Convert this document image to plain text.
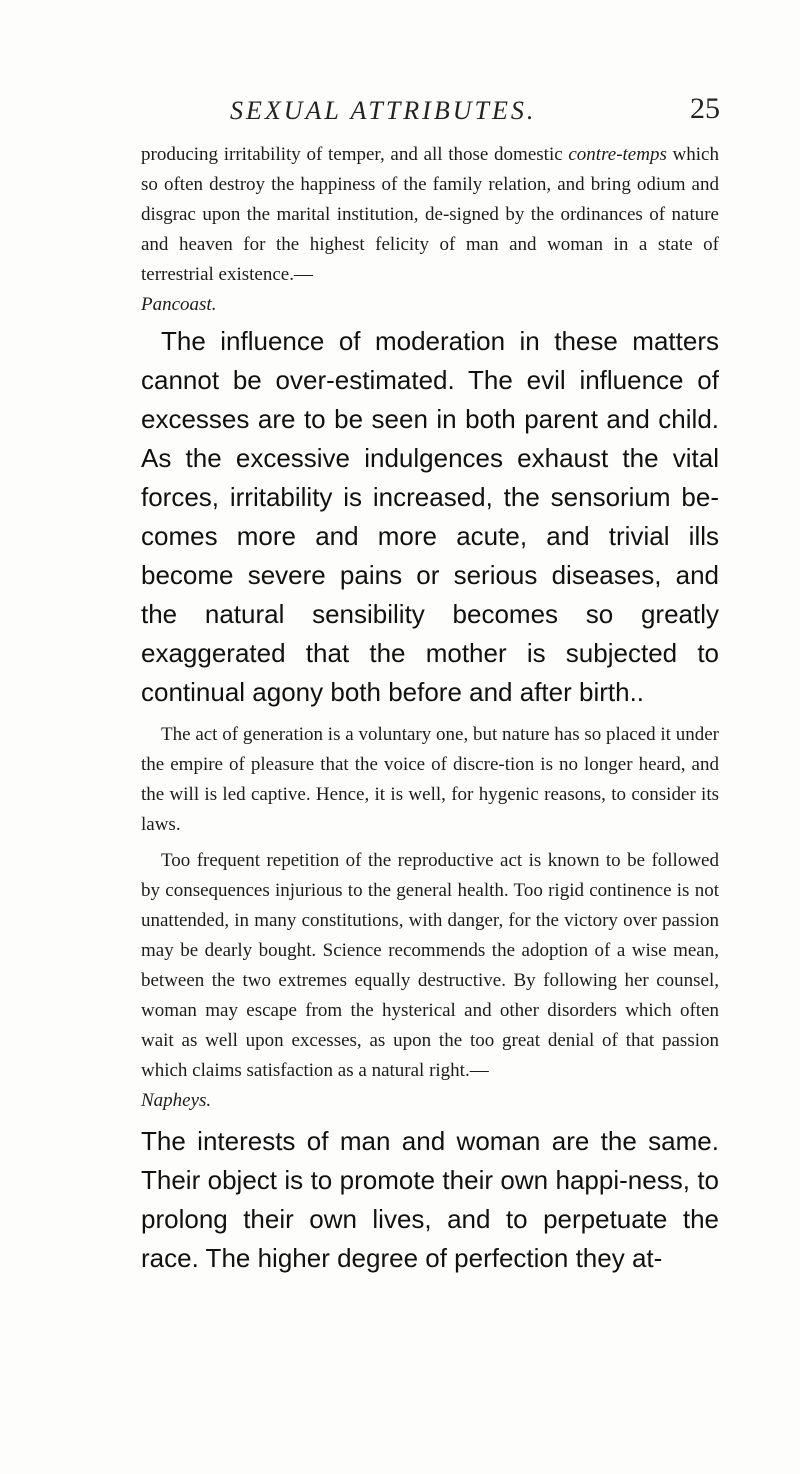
SEXUAL ATTRIBUTES.	25

producing irritability of temper, and all those domestic contre-temps which so often destroy the happiness of the family relation, and bring odium and disgrac upon the marital institution, de-signed by the ordinances of nature and heaven for the highest felicity of man and woman in a state of terrestrial existence.—
Pancoast.

The influence of moderation in these matters cannot be over-estimated. The evil influence of excesses are to be seen in both parent and child. As the excessive indulgences exhaust the vital forces, irritability is increased, the sensorium be-comes more and more acute, and trivial ills become severe pains or serious diseases, and the natural sensibility becomes so greatly exaggerated that the mother is subjected to continual agony both before and after birth..

The act of generation is a voluntary one, but nature has so placed it under the empire of pleasure that the voice of discre-tion is no longer heard, and the will is led captive. Hence, it is well, for hygenic reasons, to consider its laws.

Too frequent repetition of the reproductive act is known to be followed by consequences injurious to the general health. Too rigid continence is not unattended, in many constitutions, with danger, for the victory over passion may be dearly bought. Science recommends the adoption of a wise mean, between the two extremes equally destructive. By following her counsel, woman may escape from the hysterical and other disorders which often wait as well upon excesses, as upon the too great denial of that passion which claims satisfaction as a natural right.—
Napheys.

The interests of man and woman are the same. Their object is to promote their own happi-ness, to prolong their own lives, and to perpetuate the race. The higher degree of perfection they at-
